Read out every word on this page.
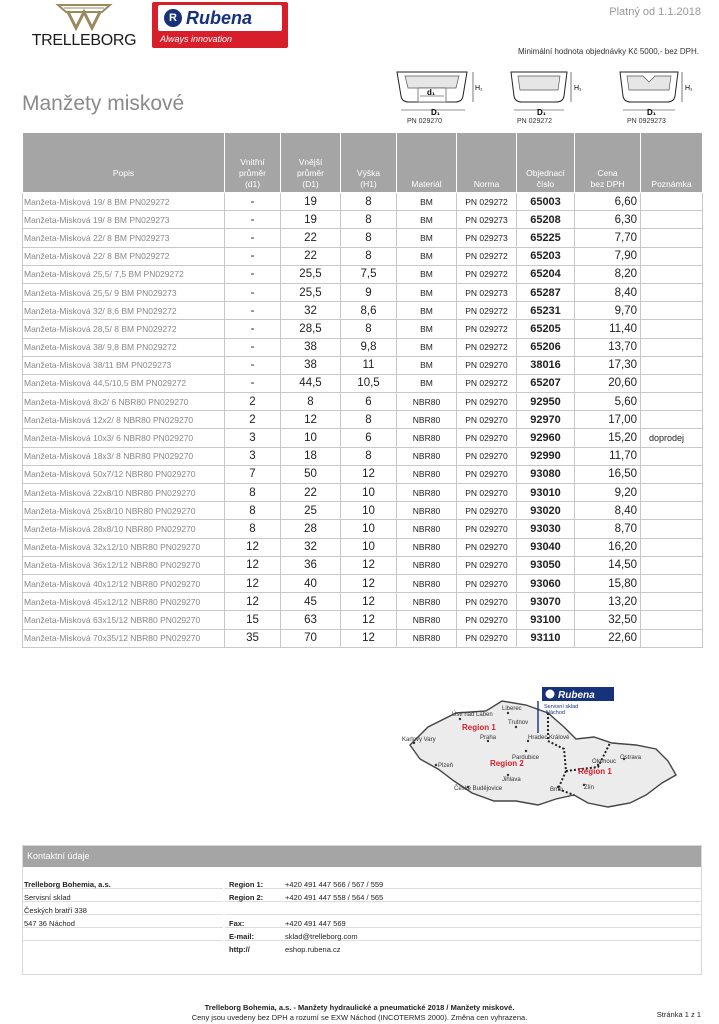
Platný od 1.1.2018
TRELLEBORG
R Rubena
Always innovation
Minimální hodnota objednávky Kč 5000,- bez DPH.
Manžety miskové	D₁
d₁	H₁
D₁
H₁
D₁
H₁
PN 029270	PN 029272	PN 0929273
Popis	Vnitřní
průměr
(d1)	Vnější
průměr
(D1)	Výška
(H1)	Materiál	Norma	Objednací
číslo	Cena
bez DPH	Poznámka

Manžeta-Misková 19/ 8 BM PN029272	-	19	8	BM	PN 029272	65003	6,60	
Manžeta-Misková 19/ 8 BM PN029273	-	19	8	BM	PN 029273	65208	6,30	
Manžeta-Misková 22/ 8 BM PN029273	-	22	8	BM	PN 029273	65225	7,70	
Manžeta-Misková 22/ 8 BM PN029272	-	22	8	BM	PN 029272	65203	7,90	
Manžeta-Misková 25,5/ 7,5 BM PN029272	-	25,5	7,5	BM	PN 029272	65204	8,20	
Manžeta-Misková 25,5/ 9 BM PN029273	-	25,5	9	BM	PN 029273	65287	8,40	
Manžeta-Misková 32/ 8,6 BM PN029272	-	32	8,6	BM	PN 029272	65231	9,70	
Manžeta-Misková 28,5/ 8 BM PN029272	-	28,5	8	BM	PN 029272	65205	11,40	
Manžeta-Misková 38/ 9,8 BM PN029272	-	38	9,8	BM	PN 029272	65206	13,70	
Manžeta-Misková 38/11 BM PN029273	-	38	11	BM	PN 029270	38016	17,30	
Manžeta-Misková 44,5/10,5 BM PN029272	-	44,5	10,5	BM	PN 029272	65207	20,60	
Manžeta-Misková 8x2/ 6 NBR80 PN029270	2	8	6	NBR80	PN 029270	92950	5,60	
Manžeta-Misková 12x2/ 8 NBR80 PN029270	2	12	8	NBR80	PN 029270	92970	17,00	
Manžeta-Misková 10x3/ 6 NBR80 PN029270	3	10	6	NBR80	PN 029270	92960	15,20	doprodej
Manžeta-Misková 18x3/ 8 NBR80 PN029270	3	18	8	NBR80	PN 029270	92990	11,70	
Manžeta-Misková 50x7/12 NBR80 PN029270	7	50	12	NBR80	PN 029270	93080	16,50	
Manžeta-Misková 22x8/10 NBR80 PN029270	8	22	10	NBR80	PN 029270	93010	9,20	
Manžeta-Misková 25x8/10 NBR80 PN029270	8	25	10	NBR80	PN 029270	93020	8,40	
Manžeta-Misková 28x8/10 NBR80 PN029270	8	28	10	NBR80	PN 029270	93030	8,70	
Manžeta-Misková 32x12/10 NBR80 PN029270	12	32	10	NBR80	PN 029270	93040	16,20	
Manžeta-Misková 36x12/12 NBR80 PN029270	12	36	12	NBR80	PN 029270	93050	14,50	
Manžeta-Misková 40x12/12 NBR80 PN029270	12	40	12	NBR80	PN 029270	93060	15,80	
Manžeta-Misková 45x12/12 NBR80 PN029270	12	45	12	NBR80	PN 029270	93070	13,20	
Manžeta-Misková 63x15/12 NBR80 PN029270	15	63	12	NBR80	PN 029270	93100	32,50	
Manžeta-Misková 70x35/12 NBR80 PN029270	35	70	12	NBR80	PN 029270	93110	22,60	
Ústí nad Laben
Liberec
Trutnov
Praha	Hradec Králové
Karlovy Vary
Pardubice
Plzeň
Olomouc
Ostrava
Jihlava
Zlín
České Budějovice	Brno
Region 1
Region 2
Region 1
Rubena
Servisní sklad
Náchod
Kontaktní údaje
Trelleborg Bohemia, a.s.
Servisní sklad
Českých bratří 338
547 36 Náchod
Region 1:	+420 491 447 566 / 567 / 559
Region 2:	+420 491 447 558 / 564 / 565
Fax:	+420 491 447 569
E-mail:	sklad@trelleborg.com
http://	eshop.rubena.cz
Trelleborg Bohemia, a.s. - Manžety hydraulické a pneumatické 2018 / Manžety miskové.
Ceny jsou uvedeny bez DPH a rozumí se EXW Náchod (INCOTERMS 2000). Změna cen vyhrazena.	Stránka 1 z 1
